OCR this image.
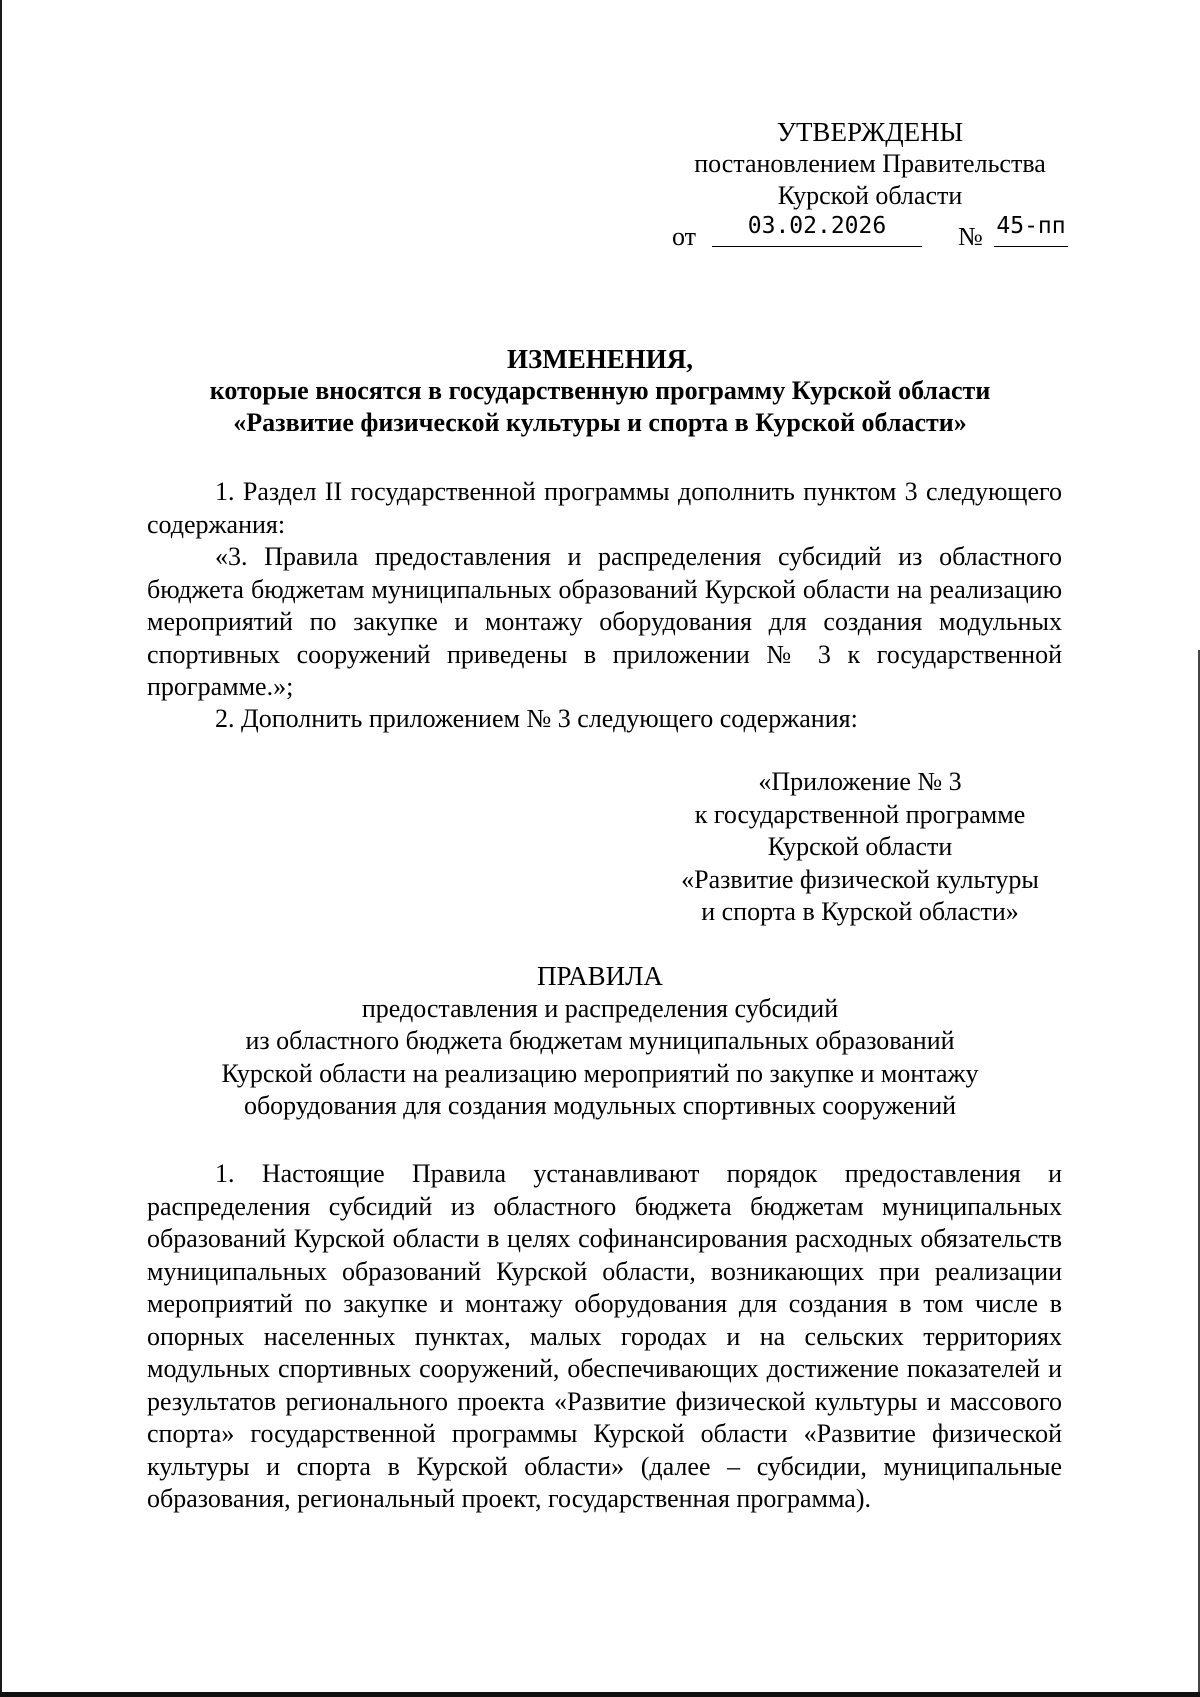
УТВЕРЖДЕНЫ
постановлением Правительства
Курской области
от	03.02.2026	№ 45-пп
ИЗМЕНЕНИЯ,
которые вносятся в государственную программу Курской области
«Развитие физической культуры и спорта в Курской области»

1. Раздел II государственной программы дополнить пунктом 3 следующего содержания:

«3. Правила предоставления и распределения субсидий из областного бюджета бюджетам муниципальных образований Курской области на реализацию мероприятий по закупке и монтажу оборудования для создания модульных спортивных сооружений приведены в приложении № 3 к государственной программе.»;

2. Дополнить приложением № 3 следующего содержания:

«Приложение № 3
к государственной программе
Курской области
«Развитие физической культуры
и спорта в Курской области»
ПРАВИЛА
предоставления и распределения субсидий
из областного бюджета бюджетам муниципальных образований
Курской области на реализацию мероприятий по закупке и монтажу
оборудования для создания модульных спортивных сооружений

1. Настоящие Правила устанавливают порядок предоставления и распределения субсидий из областного бюджета бюджетам муниципальных образований Курской области в целях софинансирования расходных обязательств муниципальных образований Курской области, возникающих при реализации мероприятий по закупке и монтажу оборудования для создания в том числе в опорных населенных пунктах, малых городах и на сельских территориях модульных спортивных сооружений, обеспечивающих достижение показателей и результатов регионального проекта «Развитие физической культуры и массового спорта» государственной программы Курской области «Развитие физической культуры и спорта в Курской области» (далее – субсидии, муниципальные образования, региональный проект, государственная программа).
